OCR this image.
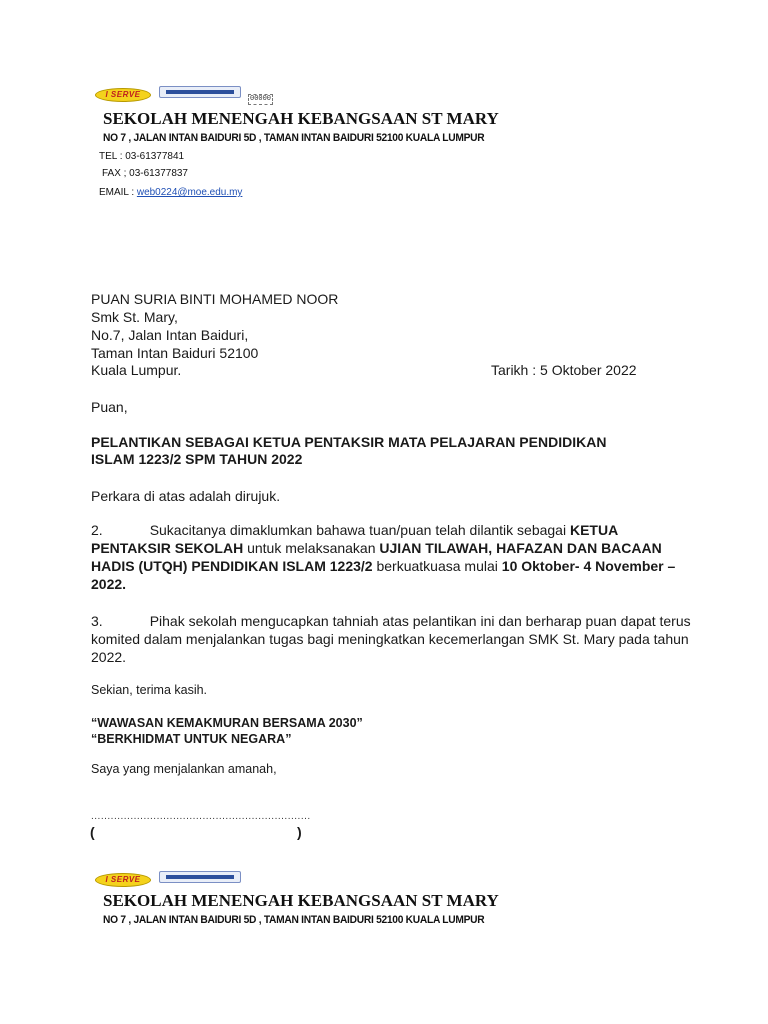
I SERVE	00000
SEKOLAH MENENGAH KEBANGSAAN ST MARY
NO 7 , JALAN INTAN BAIDURI 5D , TAMAN INTAN BAIDURI 52100 KUALA LUMPUR
TEL : 03-61377841
FAX ; 03-61377837
EMAIL : web0224@moe.edu.my
PUAN SURIA BINTI MOHAMED NOOR
Smk St. Mary,
No.7, Jalan Intan Baiduri,
Taman Intan Baiduri 52100
Kuala Lumpur.	Tarikh : 5 Oktober 2022
Puan,
PELANTIKAN SEBAGAI KETUA PENTAKSIR MATA PELAJARAN PENDIDIKAN
ISLAM 1223/2 SPM TAHUN 2022
Perkara di atas adalah dirujuk.
2.	Sukacitanya dimaklumkan bahawa tuan/puan telah dilantik sebagai KETUA PENTAKSIR SEKOLAH untuk melaksanakan UJIAN TILAWAH, HAFAZAN DAN BACAAN HADIS (UTQH) PENDIDIKAN ISLAM 1223/2 berkuatkuasa mulai 10 Oktober- 4 November – 2022.
3.	Pihak sekolah mengucapkan tahniah atas pelantikan ini dan berharap puan dapat terus komited dalam menjalankan tugas bagi meningkatkan kecemerlangan SMK St. Mary pada tahun 2022.
Sekian, terima kasih.
“WAWASAN KEMAKMURAN BERSAMA 2030”
“BERKHIDMAT UNTUK NEGARA”
Saya yang menjalankan amanah,
...................................................................
(	)
I SERVE
SEKOLAH MENENGAH KEBANGSAAN ST MARY
NO 7 , JALAN INTAN BAIDURI 5D , TAMAN INTAN BAIDURI 52100 KUALA LUMPUR
